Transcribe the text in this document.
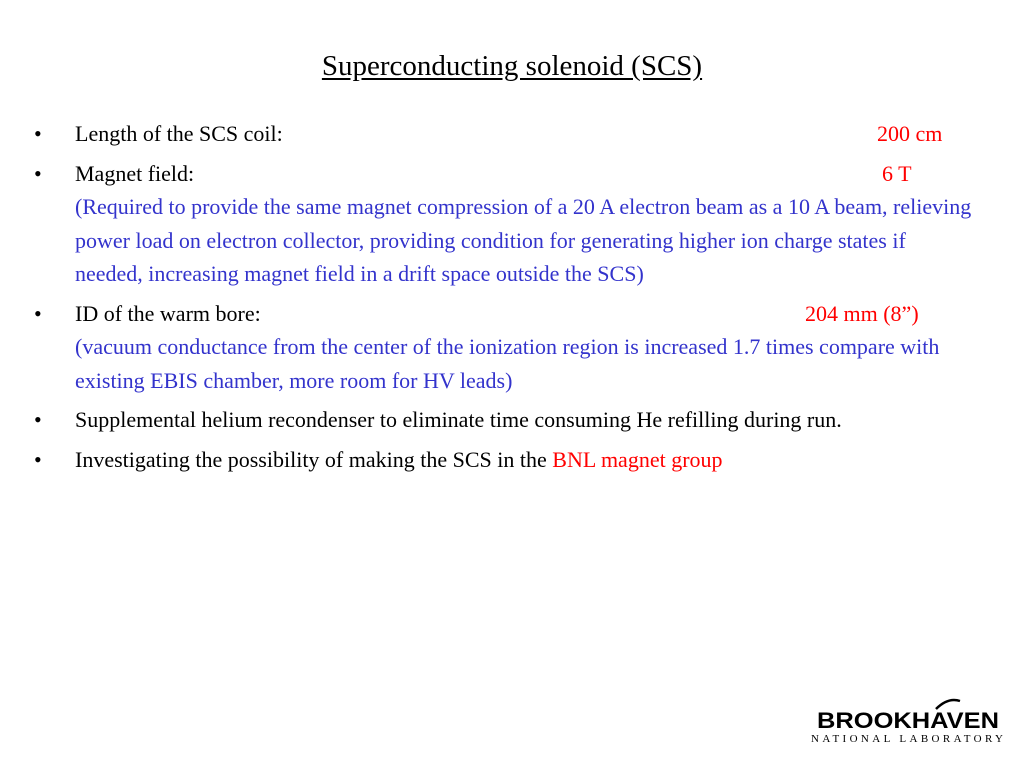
Superconducting solenoid (SCS)
• Length of the SCS coil:	200 cm
• Magnet field:	6 T
(Required to provide the same magnet compression of a 20 A electron beam as a 10 A beam, relieving power load on electron collector, providing condition for generating higher ion charge states if needed, increasing magnet field in a drift space outside the SCS)
• ID of the warm bore:	204 mm (8”)
(vacuum conductance from the center of the ionization region is increased 1.7 times compare with existing EBIS chamber, more room for HV leads)
• Supplemental helium recondenser to eliminate time consuming He refilling during run.
• Investigating the possibility of making the SCS in the BNL magnet group
BROOKHAVEN
NATIONAL LABORATORY
